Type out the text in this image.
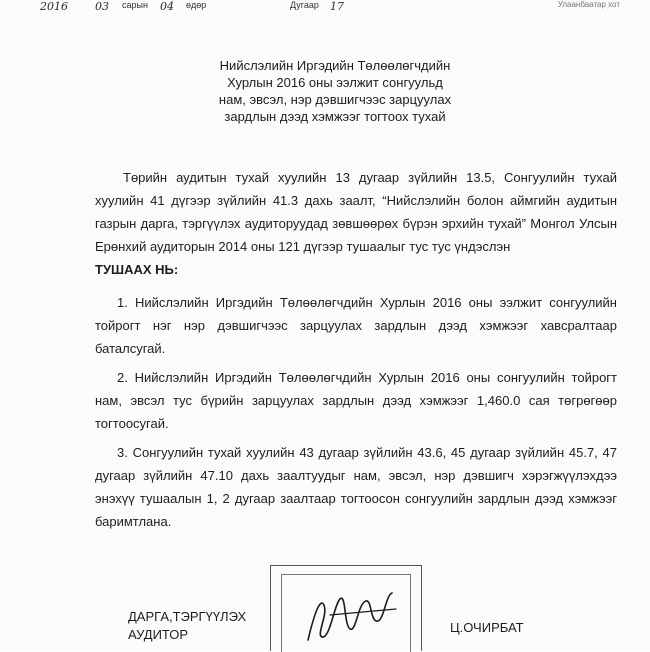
2016 03 сарын 04 өдөр	Дугаар 17	Улаанбаатар хот
Нийслэлийн Иргэдийн Төлөөлөгчдийн
Хурлын 2016 оны ээлжит сонгуульд
нам, эвсэл, нэр дэвшигчээс зарцуулах
зардлын дээд хэмжээг тогтоох тухай

Төрийн аудитын тухай хуулийн 13 дугаар зүйлийн 13.5, Сонгуулийн тухай хуулийн 41 дүгээр зүйлийн 41.3 дахь заалт, “Нийслэлийн болон аймгийн аудитын газрын дарга, тэргүүлэх аудиторуудад зөвшөөрөх бүрэн эрхийн тухай” Монгол Улсын Ерөнхий аудиторын 2014 оны 121 дүгээр тушаалыг тус тус үндэслэн

ТУШААХ НЬ:

1. Нийслэлийн Иргэдийн Төлөөлөгчдийн Хурлын 2016 оны ээлжит сонгуулийн тойрогт нэг нэр дэвшигчээс зарцуулах зардлын дээд хэмжээг хавсралтаар баталсугай.

2. Нийслэлийн Иргэдийн Төлөөлөгчдийн Хурлын 2016 оны сонгуулийн тойрогт нам, эвсэл тус бүрийн зарцуулах зардлын дээд хэмжээг 1,460.0 сая төгрөгөөр тогтоосугай.

3. Сонгуулийн тухай хуулийн 43 дугаар зүйлийн 43.6, 45 дугаар зүйлийн 45.7, 47 дугаар зүйлийн 47.10 дахь заалтуудыг нам, эвсэл, нэр дэвшигч хэрэгжүүлэхдээ энэхүү тушаалын 1, 2 дугаар заалтаар тогтоосон сонгуулийн зардлын дээд хэмжээг баримтлана.

ДАРГА,ТЭРГҮҮЛЭХ
АУДИТОР	Ц.ОЧИРБАТ
